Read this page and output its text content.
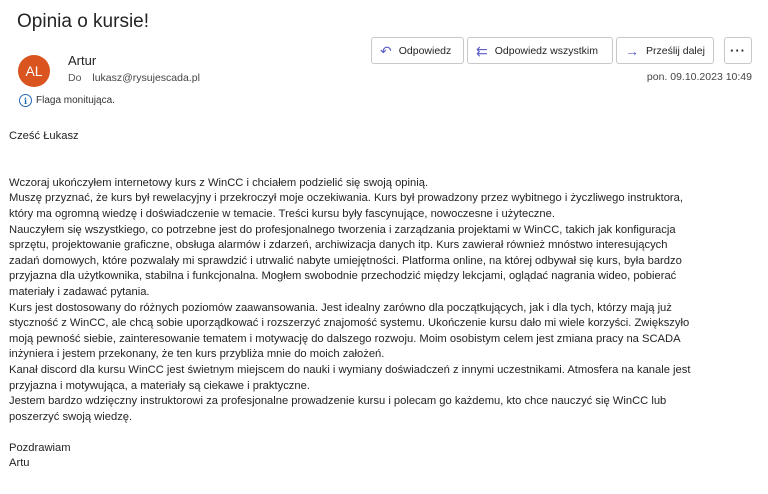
Opinia o kursie!
AL
Artur
Do lukasz@rysujescada.pl
i Flaga monitująca.
↶ Odpowiedz ⇇ Odpowiedz wszystkim → Prześlij dalej	···
pon. 09.10.2023 10:49

Cześć Łukasz

Wczoraj ukończyłem internetowy kurs z WinCC i chciałem podzielić się swoją opinią.

Muszę przyznać, że kurs był rewelacyjny i przekroczył moje oczekiwania. Kurs był prowadzony przez wybitnego i życzliwego instruktora,

który ma ogromną wiedzę i doświadczenie w temacie. Treści kursu były fascynujące, nowoczesne i użyteczne.

Nauczyłem się wszystkiego, co potrzebne jest do profesjonalnego tworzenia i zarządzania projektami w WinCC, takich jak konfiguracja

sprzętu, projektowanie graficzne, obsługa alarmów i zdarzeń, archiwizacja danych itp. Kurs zawierał również mnóstwo interesujących

zadań domowych, które pozwalały mi sprawdzić i utrwalić nabyte umiejętności. Platforma online, na której odbywał się kurs, była bardzo

przyjazna dla użytkownika, stabilna i funkcjonalna. Mogłem swobodnie przechodzić między lekcjami, oglądać nagrania wideo, pobierać

materiały i zadawać pytania.

Kurs jest dostosowany do różnych poziomów zaawansowania. Jest idealny zarówno dla początkujących, jak i dla tych, którzy mają już

styczność z WinCC, ale chcą sobie uporządkować i rozszerzyć znajomość systemu. Ukończenie kursu dało mi wiele korzyści. Zwiększyło

moją pewność siebie, zainteresowanie tematem i motywację do dalszego rozwoju. Moim osobistym celem jest zmiana pracy na SCADA

inżyniera i jestem przekonany, że ten kurs przybliża mnie do moich założeń.

Kanał discord dla kursu WinCC jest świetnym miejscem do nauki i wymiany doświadczeń z innymi uczestnikami. Atmosfera na kanale jest

przyjazna i motywująca, a materiały są ciekawe i praktyczne.

Jestem bardzo wdzięczny instruktorowi za profesjonalne prowadzenie kursu i polecam go każdemu, kto chce nauczyć się WinCC lub

poszerzyć swoją wiedzę.

Pozdrawiam

Artu
